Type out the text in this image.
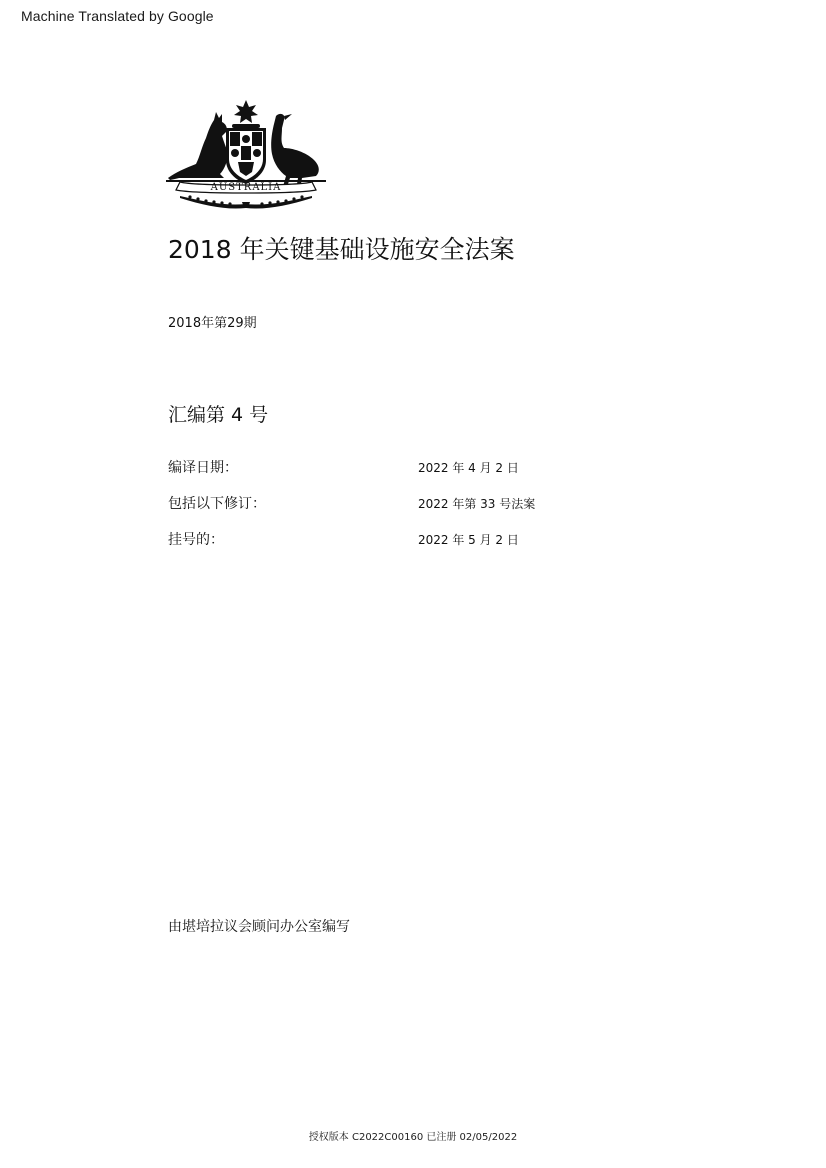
Machine Translated by Google
AUSTRALIA
2018 年关键基础设施安全法案
2018年第29期
汇编第 4 号
编译日期：	2022 年 4 月 2 日
包括以下修订：	2022 年第 33 号法案
挂号的：	2022 年 5 月 2 日
由堪培拉议会顾问办公室编写
授权版本 C2022C00160 已注册 02/05/2022
